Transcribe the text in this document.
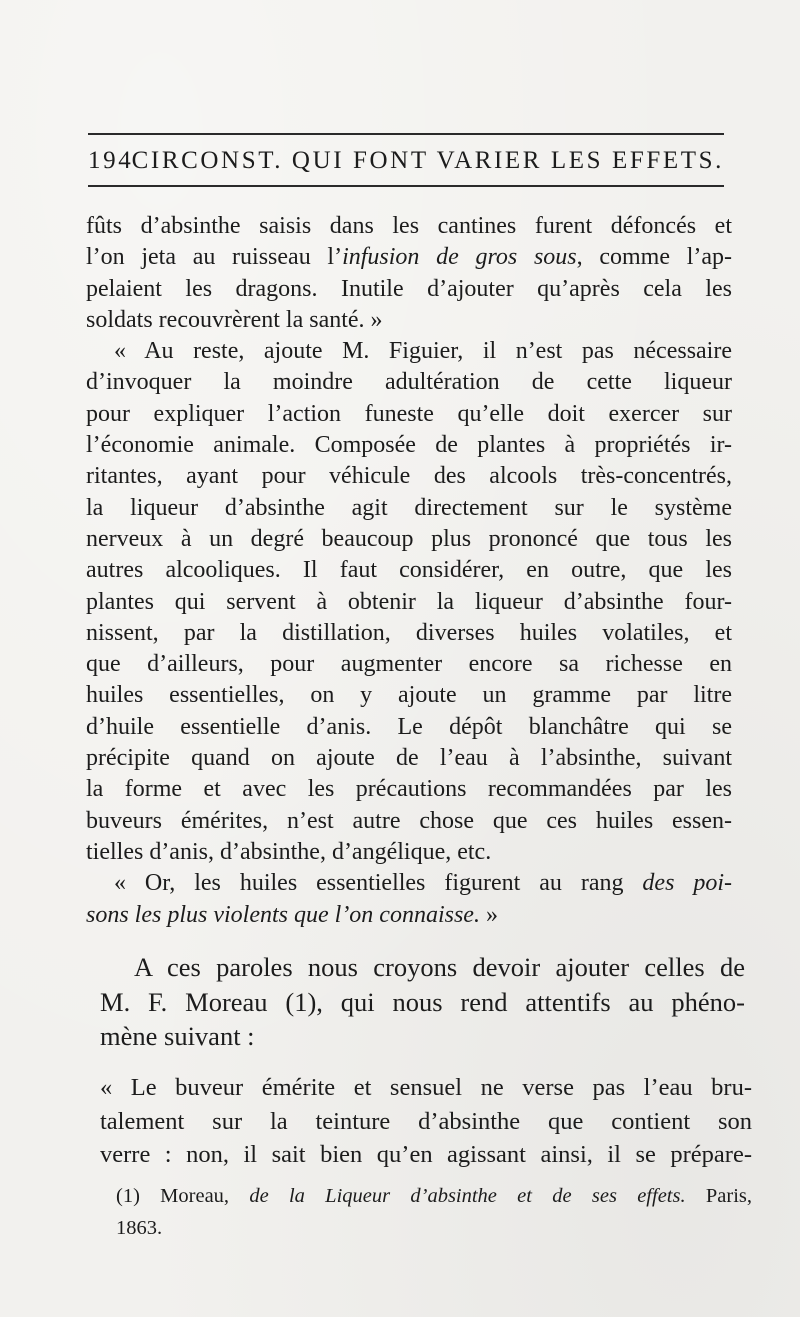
194
CIRCONST. QUI FONT VARIER LES EFFETS.
fûts d’absinthe saisis dans les cantines furent défoncés et
l’on jeta au ruisseau l’infusion de gros sous, comme l’ap-
pelaient les dragons. Inutile d’ajouter qu’après cela les
soldats recouvrèrent la santé. »
« Au reste, ajoute M. Figuier, il n’est pas nécessaire
d’invoquer la moindre adultération de cette liqueur
pour expliquer l’action funeste qu’elle doit exercer sur
l’économie animale. Composée de plantes à propriétés ir-
ritantes, ayant pour véhicule des alcools très-concentrés,
la liqueur d’absinthe agit directement sur le système
nerveux à un degré beaucoup plus prononcé que tous les
autres alcooliques. Il faut considérer, en outre, que les
plantes qui servent à obtenir la liqueur d’absinthe four-
nissent, par la distillation, diverses huiles volatiles, et
que d’ailleurs, pour augmenter encore sa richesse en
huiles essentielles, on y ajoute un gramme par litre
d’huile essentielle d’anis. Le dépôt blanchâtre qui se
précipite quand on ajoute de l’eau à l’absinthe, suivant
la forme et avec les précautions recommandées par les
buveurs émérites, n’est autre chose que ces huiles essen-
tielles d’anis, d’absinthe, d’angélique, etc.
« Or, les huiles essentielles figurent au rang des poi-
sons les plus violents que l’on connaisse. »
A ces paroles nous croyons devoir ajouter celles de
M. F. Moreau (1), qui nous rend attentifs au phéno-
mène suivant :
« Le buveur émérite et sensuel ne verse pas l’eau bru-
talement sur la teinture d’absinthe que contient son
verre : non, il sait bien qu’en agissant ainsi, il se prépare-
(1) Moreau, de la Liqueur d’absinthe et de ses effets. Paris,
1863.
